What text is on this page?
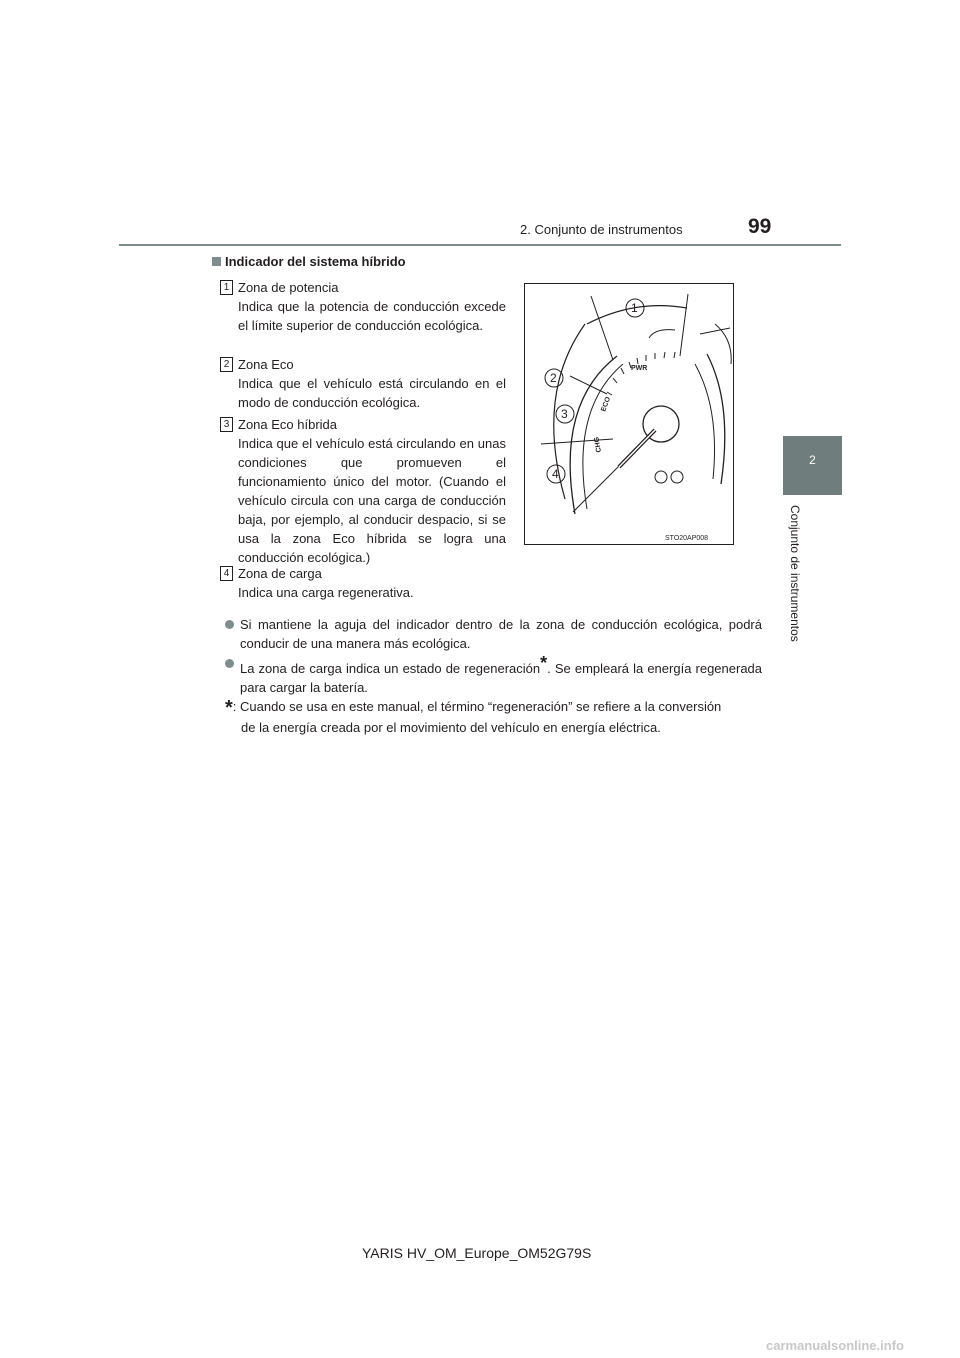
2. Conjunto de instrumentos	99
2
Conjunto de instrumentos
Indicador del sistema híbrido
1 Zona de potencia
Indica que la potencia de conducción excede el límite superior de conducción ecológica.
2 Zona Eco
Indica que el vehículo está circulando en el modo de conducción ecológica.
3 Zona Eco híbrida
Indica que el vehículo está circulando en unas condiciones que promueven el funcionamiento único del motor. (Cuando el vehículo circula con una carga de conducción baja, por ejemplo, al conducir despacio, si se usa la zona Eco híbrida se logra una conducción ecológica.)
4 Zona de carga
Indica una carga regenerativa.
1
2
3
4
PWR
ECO
CHG
STO20AP008
Si mantiene la aguja del indicador dentro de la zona de conducción ecológica, podrá conducir de una manera más ecológica.
La zona de carga indica un estado de regeneración*. Se empleará la energía regenerada para cargar la batería.
*: Cuando se usa en este manual, el término “regeneración” se refiere a la conversión
de la energía creada por el movimiento del vehículo en energía eléctrica.
YARIS HV_OM_Europe_OM52G79S
carmanualsonline.info
